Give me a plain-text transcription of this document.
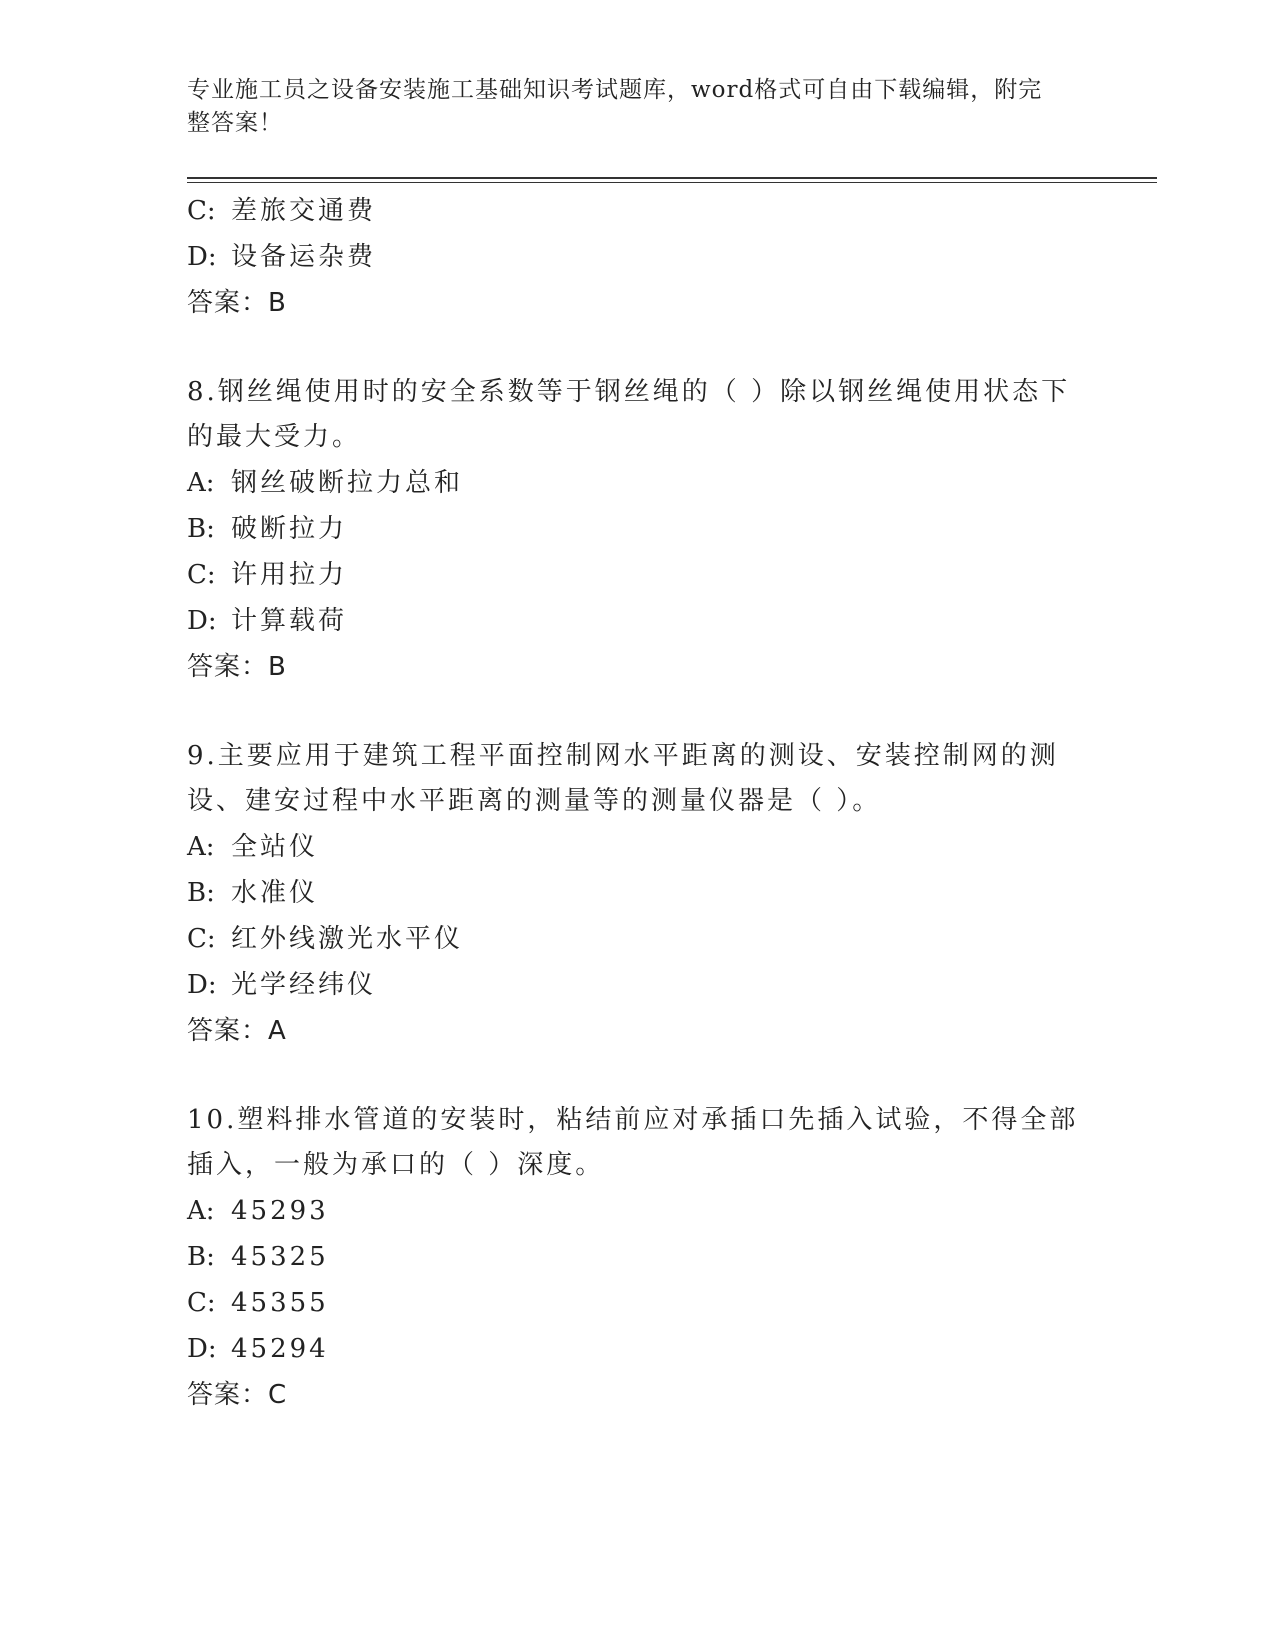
专业施工员之设备安装施工基础知识考试题库，word格式可自由下载编辑，附完
整答案！
C: 差旅交通费
D: 设备运杂费
答案：B
8.钢丝绳使用时的安全系数等于钢丝绳的（ ）除以钢丝绳使用状态下
的最大受力。
A: 钢丝破断拉力总和
B: 破断拉力
C: 许用拉力
D: 计算载荷
答案：B
9.主要应用于建筑工程平面控制网水平距离的测设、安装控制网的测
设、建安过程中水平距离的测量等的测量仪器是（ ）。
A: 全站仪
B: 水准仪
C: 红外线激光水平仪
D: 光学经纬仪
答案：A
10.塑料排水管道的安装时，粘结前应对承插口先插入试验，不得全部
插入，一般为承口的（ ）深度。
A: 45293
B: 45325
C: 45355
D: 45294
答案：C
